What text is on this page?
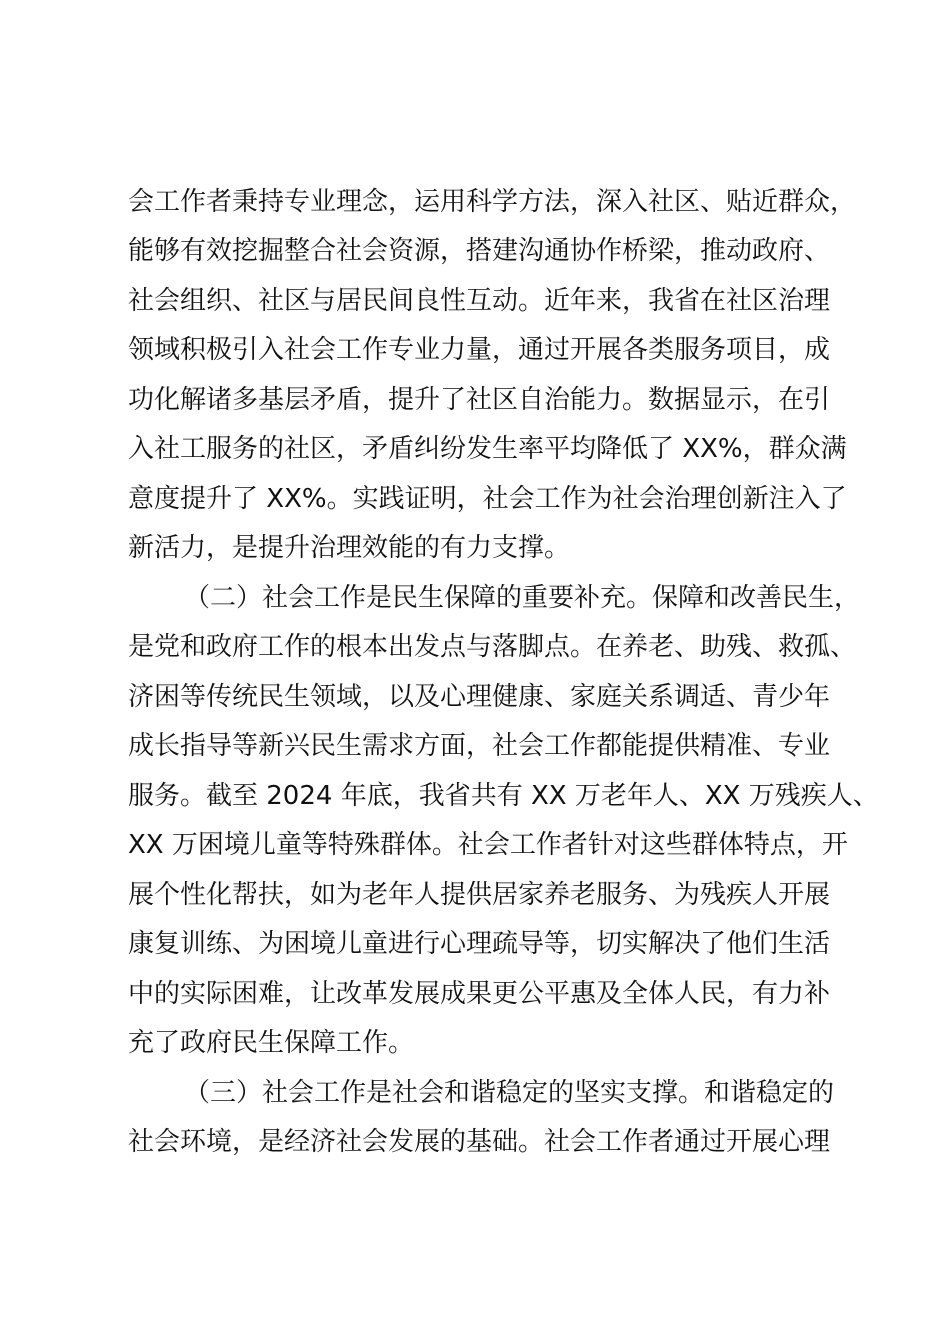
会工作者秉持专业理念，运用科学方法，深入社区、贴近群众，
能够有效挖掘整合社会资源，搭建沟通协作桥梁，推动政府、
社会组织、社区与居民间良性互动。近年来，我省在社区治理
领域积极引入社会工作专业力量，通过开展各类服务项目，成
功化解诸多基层矛盾，提升了社区自治能力。数据显示，在引
入社工服务的社区，矛盾纠纷发生率平均降低了 XX%，群众满
意度提升了 XX%。实践证明，社会工作为社会治理创新注入了
新活力，是提升治理效能的有力支撑。
（二）社会工作是民生保障的重要补充。保障和改善民生，
是党和政府工作的根本出发点与落脚点。在养老、助残、救孤、
济困等传统民生领域，以及心理健康、家庭关系调适、青少年
成长指导等新兴民生需求方面，社会工作都能提供精准、专业
服务。截至 2024 年底，我省共有 XX 万老年人、XX 万残疾人、
XX 万困境儿童等特殊群体。社会工作者针对这些群体特点，开
展个性化帮扶，如为老年人提供居家养老服务、为残疾人开展
康复训练、为困境儿童进行心理疏导等，切实解决了他们生活
中的实际困难，让改革发展成果更公平惠及全体人民，有力补
充了政府民生保障工作。
（三）社会工作是社会和谐稳定的坚实支撑。和谐稳定的
社会环境，是经济社会发展的基础。社会工作者通过开展心理
